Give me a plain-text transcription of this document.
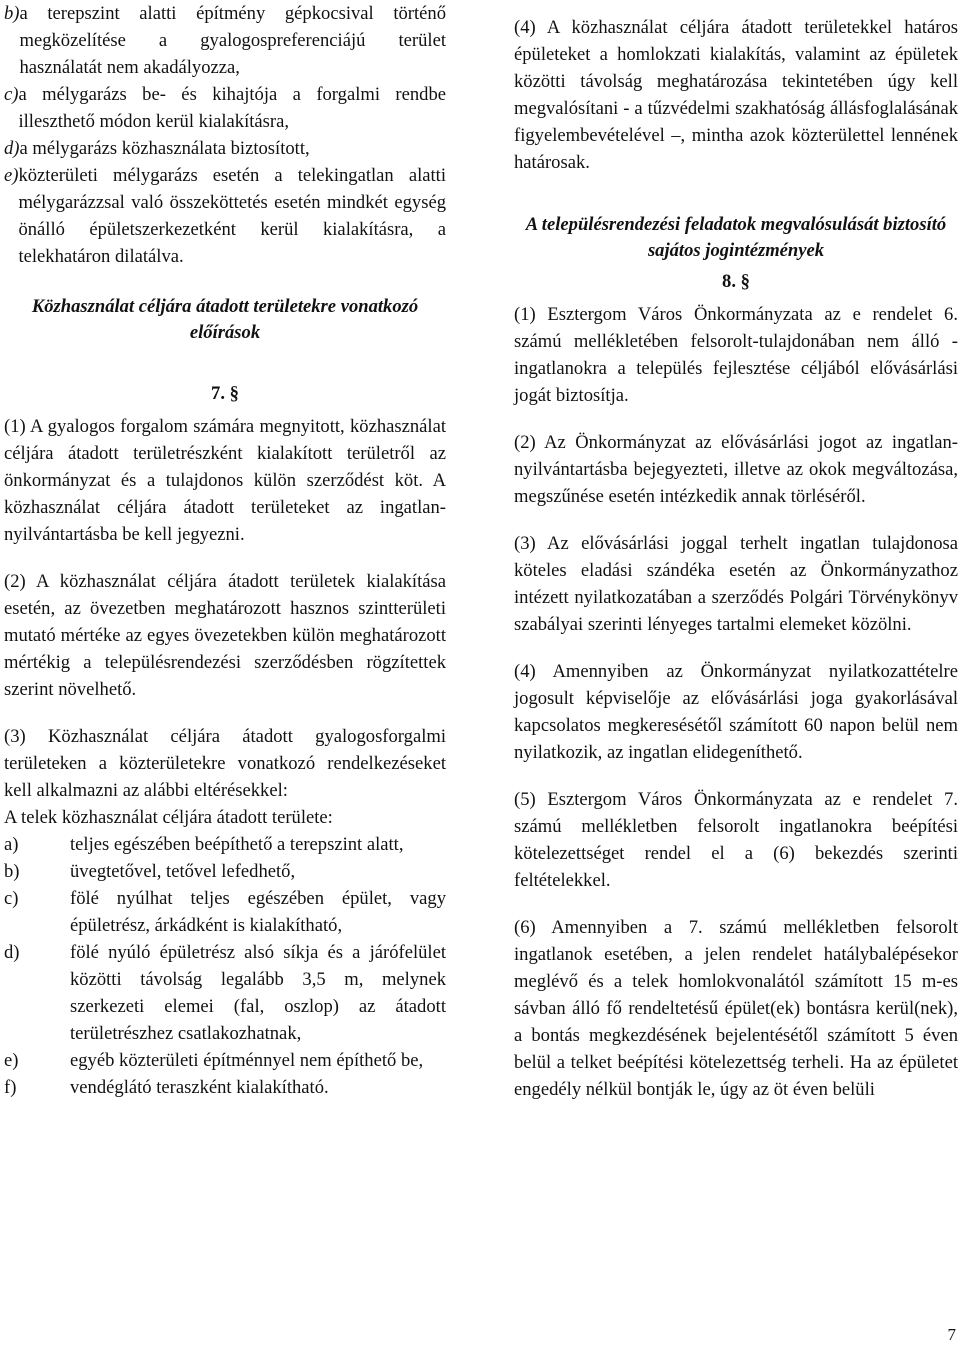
b) a terepszint alatti építmény gépkocsival történő megközelítése a gyalogospreferenciájú terület használatát nem akadályozza,
c) a mélygarázs be- és kihajtója a forgalmi rendbe illeszthető módon kerül kialakításra,
d) a mélygarázs közhasználata biztosított,
e) közterületi mélygarázs esetén a telekingatlan alatti mélygarázzsal való összeköttetés esetén mindkét egység önálló épületszerkezetként kerül kialakításra, a telekhatáron dilatálva.

Közhasználat céljára átadott területekre vonatkozó előírások

7. §

(1) A gyalogos forgalom számára megnyitott, közhasználat céljára átadott területrészként kialakított területről az önkormányzat és a tulajdonos külön szerződést köt. A közhasználat céljára átadott területeket az ingatlan-nyilvántartásba be kell jegyezni.

(2) A közhasználat céljára átadott területek kialakítása esetén, az övezetben meghatározott hasznos szintterületi mutató mértéke az egyes övezetekben külön meghatározott mértékig a településrendezési szerződésben rögzítettek szerint növelhető.

(3) Közhasználat céljára átadott gyalogosforgalmi területeken a közterületekre vonatkozó rendelkezéseket kell alkalmazni az alábbi eltérésekkel:

A telek közhasználat céljára átadott területe:

a)	teljes egészében beépíthető a terepszint alatt,
b)	üvegtetővel, tetővel lefedhető,
c)	fölé nyúlhat teljes egészében épület, vagy épületrész, árkádként is kialakítható,
d)	fölé nyúló épületrész alsó síkja és a járófelület közötti távolság legalább 3,5 m, melynek szerkezeti elemei (fal, oszlop) az átadott területrészhez csatlakozhatnak,
e)	egyéb közterületi építménnyel nem építhető be,
f)	vendéglátó teraszként kialakítható.

(4) A közhasználat céljára átadott területekkel határos épületeket a homlokzati kialakítás, valamint az épületek közötti távolság meghatározása tekintetében úgy kell megvalósítani - a tűzvédelmi szakhatóság állásfoglalásának figyelembevételével –, mintha azok közterülettel lennének határosak.

A településrendezési feladatok megvalósulását biztosító sajátos jogintézmények

8. §

(1) Esztergom Város Önkormányzata az e rendelet 6. számú mellékletében felsorolt-tulajdonában nem álló - ingatlanokra a település fejlesztése céljából elővásárlási jogát biztosítja.

(2) Az Önkormányzat az elővásárlási jogot az ingatlan-nyilvántartásba bejegyezteti, illetve az okok megváltozása, megszűnése esetén intézkedik annak törléséről.

(3) Az elővásárlási joggal terhelt ingatlan tulajdonosa köteles eladási szándéka esetén az Önkormányzathoz intézett nyilatkozatában a szerződés Polgári Törvénykönyv szabályai szerinti lényeges tartalmi elemeket közölni.

(4) Amennyiben az Önkormányzat nyilatkozattételre jogosult képviselője az elővásárlási joga gyakorlásával kapcsolatos megkeresésétől számított 60 napon belül nem nyilatkozik, az ingatlan elidegeníthető.

(5) Esztergom Város Önkormányzata az e rendelet 7. számú mellékletben felsorolt ingatlanokra beépítési kötelezettséget rendel el a (6) bekezdés szerinti feltételekkel.

(6) Amennyiben a 7. számú mellékletben felsorolt ingatlanok esetében, a jelen rendelet hatálybalépésekor meglévő és a telek homlokvonalától számított 15 m-es sávban álló fő rendeltetésű épület(ek) bontásra kerül(nek), a bontás megkezdésének bejelentésétől számított 5 éven belül a telket beépítési kötelezettség terheli. Ha az épületet engedély nélkül bontják le, úgy az öt éven belüli

7
